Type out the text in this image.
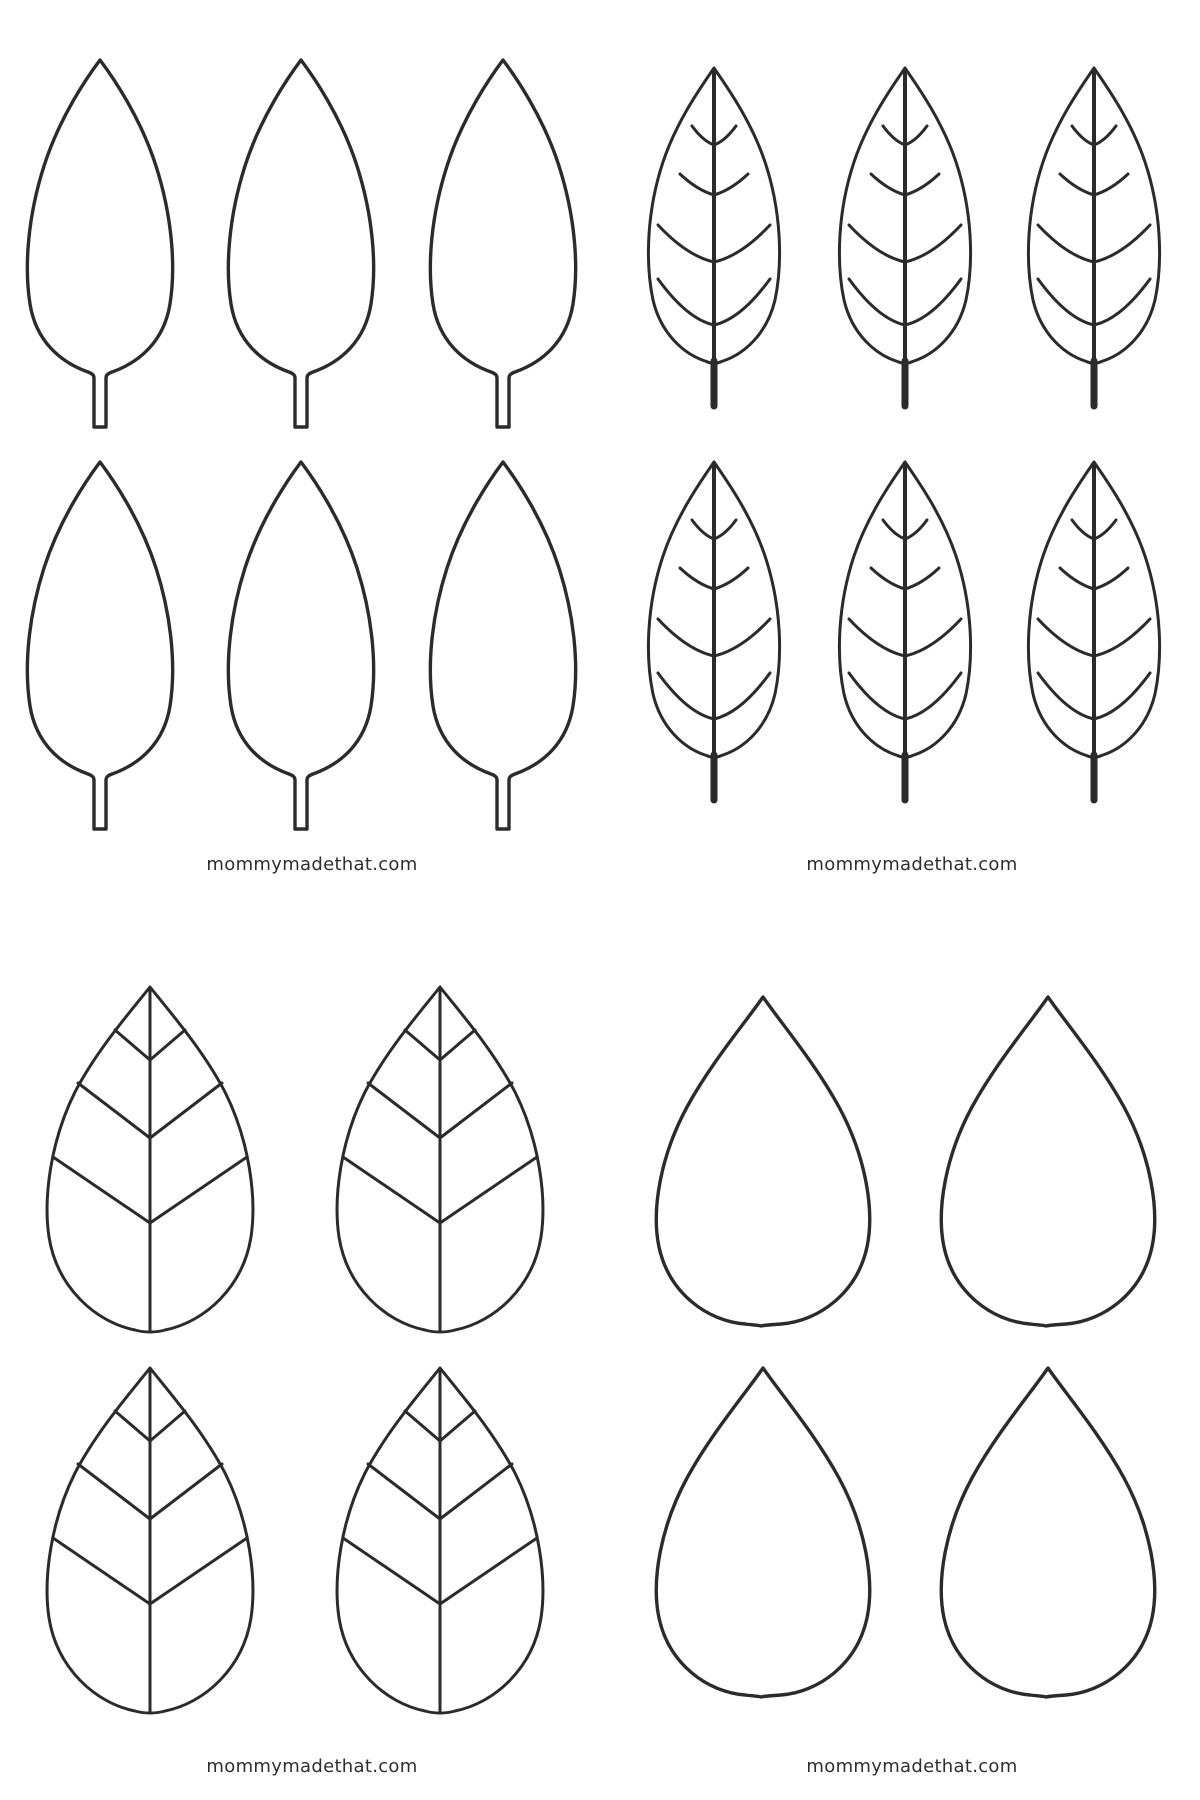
mommymadethat.com	mommymadethat.com
mommymadethat.com	mommymadethat.com
